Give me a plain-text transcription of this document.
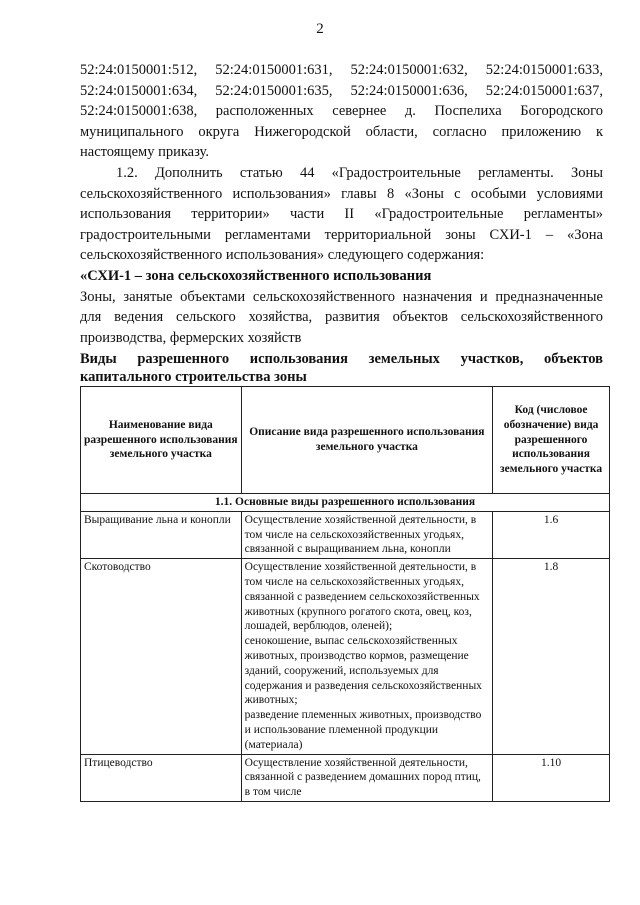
2
52:24:0150001:512, 52:24:0150001:631, 52:24:0150001:632, 52:24:0150001:633,
52:24:0150001:634, 52:24:0150001:635, 52:24:0150001:636, 52:24:0150001:637,
52:24:0150001:638, расположенных севернее д. Поспелиха Богородского
муниципального округа Нижегородской области, согласно приложению к
настоящему приказу.
1.2. Дополнить статью 44 «Градостроительные регламенты. Зоны
сельскохозяйственного использования» главы 8 «Зоны с особыми условиями
использования территории» части II «Градостроительные регламенты»
градостроительными регламентами территориальной зоны СХИ-1 – «Зона
сельскохозяйственного использования» следующего содержания:
«СХИ-1 – зона сельскохозяйственного использования
Зоны, занятые объектами сельскохозяйственного назначения и предназначенные
для ведения сельского хозяйства, развития объектов сельскохозяйственного
производства, фермерских хозяйств
Виды разрешенного использования земельных участков, объектов
капитального строительства зоны
Наименование вида разрешенного использования земельного участка	Описание вида разрешенного использования земельного участка	Код (числовое обозначение) вида разрешенного использования земельного участка
1.1. Основные виды разрешенного использования		
Выращивание льна и конопли	Осуществление хозяйственной деятельности, в том числе на сельскохозяйственных угодьях, связанной с выращиванием льна, конопли	1.6
Скотоводство	Осуществление хозяйственной деятельности, в том числе на сельскохозяйственных угодьях, связанной с разведением сельскохозяйственных животных (крупного рогатого скота, овец, коз, лошадей, верблюдов, оленей);
сенокошение, выпас сельскохозяйственных животных, производство кормов, размещение зданий, сооружений, используемых для содержания и разведения сельскохозяйственных животных;
разведение племенных животных, производство и использование племенной продукции (материала)	1.8
Птицеводство	Осуществление хозяйственной деятельности, связанной с разведением домашних пород птиц, в том числе	1.10
